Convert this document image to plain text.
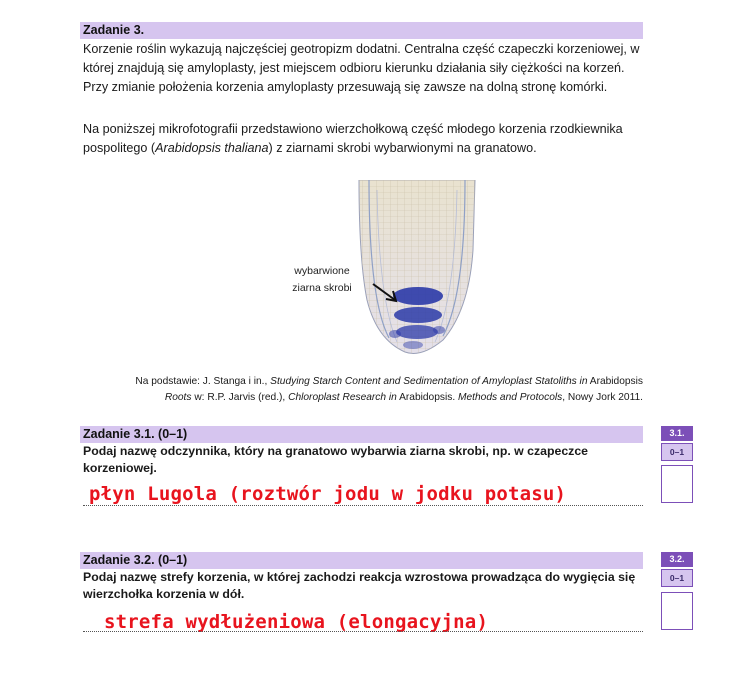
Zadanie 3.

Korzenie roślin wykazują najczęściej geotropizm dodatni. Centralna część czapeczki korzeniowej, w której znajdują się amyloplasty, jest miejscem odbioru kierunku działania siły ciężkości na korzeń. Przy zmianie położenia korzenia amyloplasty przesuwają się zawsze na dolną stronę komórki.

Na poniższej mikrofotografii przedstawiono wierzchołkową część młodego korzenia rzodkiewnika pospolitego (Arabidopsis thaliana) z ziarnami skrobi wybarwionymi na granatowo.

wybarwione
ziarna skrobi
Na podstawie: J. Stanga i in., Studying Starch Content and Sedimentation of Amyloplast Statoliths in Arabidopsis
Roots w: R.P. Jarvis (red.), Chloroplast Research in Arabidopsis. Methods and Protocols, Nowy Jork 2011.
Zadanie 3.1. (0–1)
Podaj nazwę odczynnika, który na granatowo wybarwia ziarna skrobi, np. w czapeczce korzeniowej.
płyn Lugola (roztwór jodu w jodku potasu)
3.1.
0–1
Zadanie 3.2. (0–1)
Podaj nazwę strefy korzenia, w której zachodzi reakcja wzrostowa prowadząca do wygięcia się wierzchołka korzenia w dół.
strefa wydłużeniowa (elongacyjna)
3.2.
0–1
